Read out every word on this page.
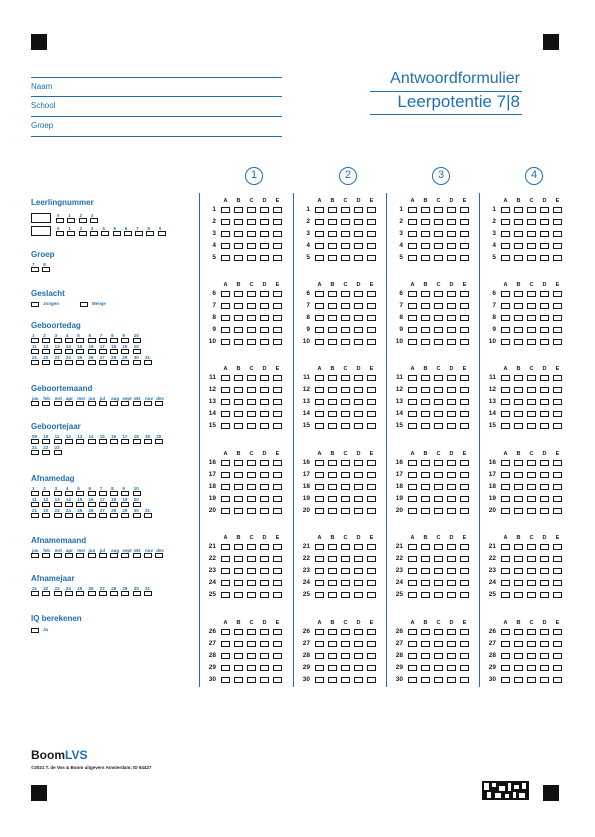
Naam
School
Groep
Antwoordformulier
Leerpotentie 7|8
Leerlingnummer
0 1 2 3
0 1 2 3 4 5 6 7 8 9
Groep
7 8
Geslacht
Jongen	Meisje
Geboortedag
1 2 3 4 5 6 7 8 9 10
11 12 13 14 15 16 17 18 19 20
21 22 23 24 25 26 27 28 29 30 31
Geboortemaand
jan feb mrt apr mei jun jul aug sept okt nov dec
Geboortejaar
09 10 11 12 13 14 15 16 17 18 19 20
21 22 23
Afnamedag
1 2 3 4 5 6 7 8 9 10
11 12 13 14 15 16 17 18 19 20
21 22 23 24 25 26 27 28 29 30 31
Afnamemaand
jan feb mrt apr mei jun jul aug sept okt nov dec
Afnamejaar
21 22 23 24 25 26 27 28 29 30 31
IQ berekenen
Ja
1
A	B	C	D	E
1
2
3
4
5
A	B	C	D	E
6
7
8
9
10
A	B	C	D	E
11
12
13
14
15
A	B	C	D	E
16
17
18
19
20
A	B	C	D	E
21
22
23
24
25
A	B	C	D	E
26
27
28
29
30
2
A	B	C	D	E
1
2
3
4
5
A	B	C	D	E
6
7
8
9
10
A	B	C	D	E
11
12
13
14
15
A	B	C	D	E
16
17
18
19
20
A	B	C	D	E
21
22
23
24
25
A	B	C	D	E
26
27
28
29
30
3
A	B	C	D	E
1
2
3
4
5
A	B	C	D	E
6
7
8
9
10
A	B	C	D	E
11
12
13
14
15
A	B	C	D	E
16
17
18
19
20
A	B	C	D	E
21
22
23
24
25
A	B	C	D	E
26
27
28
29
30
4
A	B	C	D	E
1
2
3
4
5
A	B	C	D	E
6
7
8
9
10
A	B	C	D	E
11
12
13
14
15
A	B	C	D	E
16
17
18
19
20
A	B	C	D	E
21
22
23
24
25
A	B	C	D	E
26
27
28
29
30
BoomLVS
©2021 T. de Vos & Boom uitgevers Amsterdam; ID 64427
